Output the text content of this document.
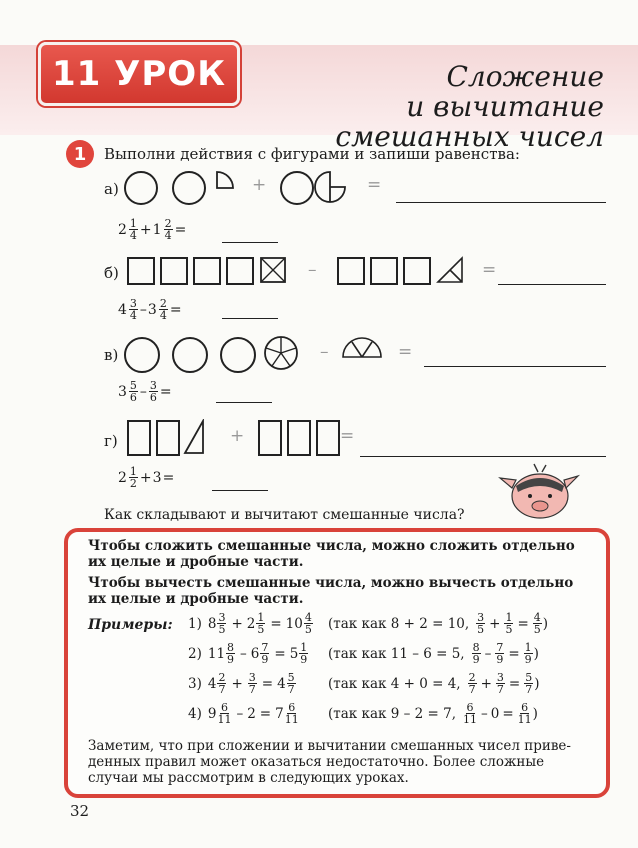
11 УРОК	Сложение
и вычитание
смешанных чисел
1	Выполни действия с фигурами и запиши равенства:
а)	+	=
$2 \frac{1}{4} + 1 \frac{2}{4}$ =
б)	–	=
$4 \frac{3}{4} - 3 \frac{2}{4}$ =
в)	–	=
$3 \frac{5}{6} - \frac{3}{6}$ =
г)	+	=
$2 \frac{1}{2} + 3$ =
Как складывают и вычитают смешанные числа?
Чтобы сложить смешанные числа, можно сложить отдельно их целые и дробные части.
Чтобы вычесть смешанные числа, можно вычесть отдельно их целые и дробные части.
Примеры: 1) $8 \frac{3}{5} + 2 \frac{1}{5} = 10 \frac{4}{5} (так$ как 8 + 2 = 10, $\frac{3}{5} + \frac{1}{5} = \frac{4}{5}$ )
2) $11 \frac{8}{9} - 6 \frac{7}{9} = 5 \frac{1}{9} (так$ как 11 – 6 = 5, $\frac{8}{9} - \frac{7}{9} = \frac{1}{9}$ )
3) $4 \frac{2}{7} + \frac{3}{7} = 4 \frac{5}{7} (так$ как 4 + 0 = 4, $\frac{2}{7} + \frac{3}{7} = \frac{5}{7}$ )
4) $9 \frac{6}{11} - 2 = 7 \frac{6}{11} (так$ как 9 – 2 = 7, $\frac{6}{11} - 0 = \frac{6}{11}$ )
Заметим, что при сложении и вычитании смешанных чисел приведенных правил может оказаться недостаточно. Более сложные случаи мы рассмотрим в следующих уроках.
32
